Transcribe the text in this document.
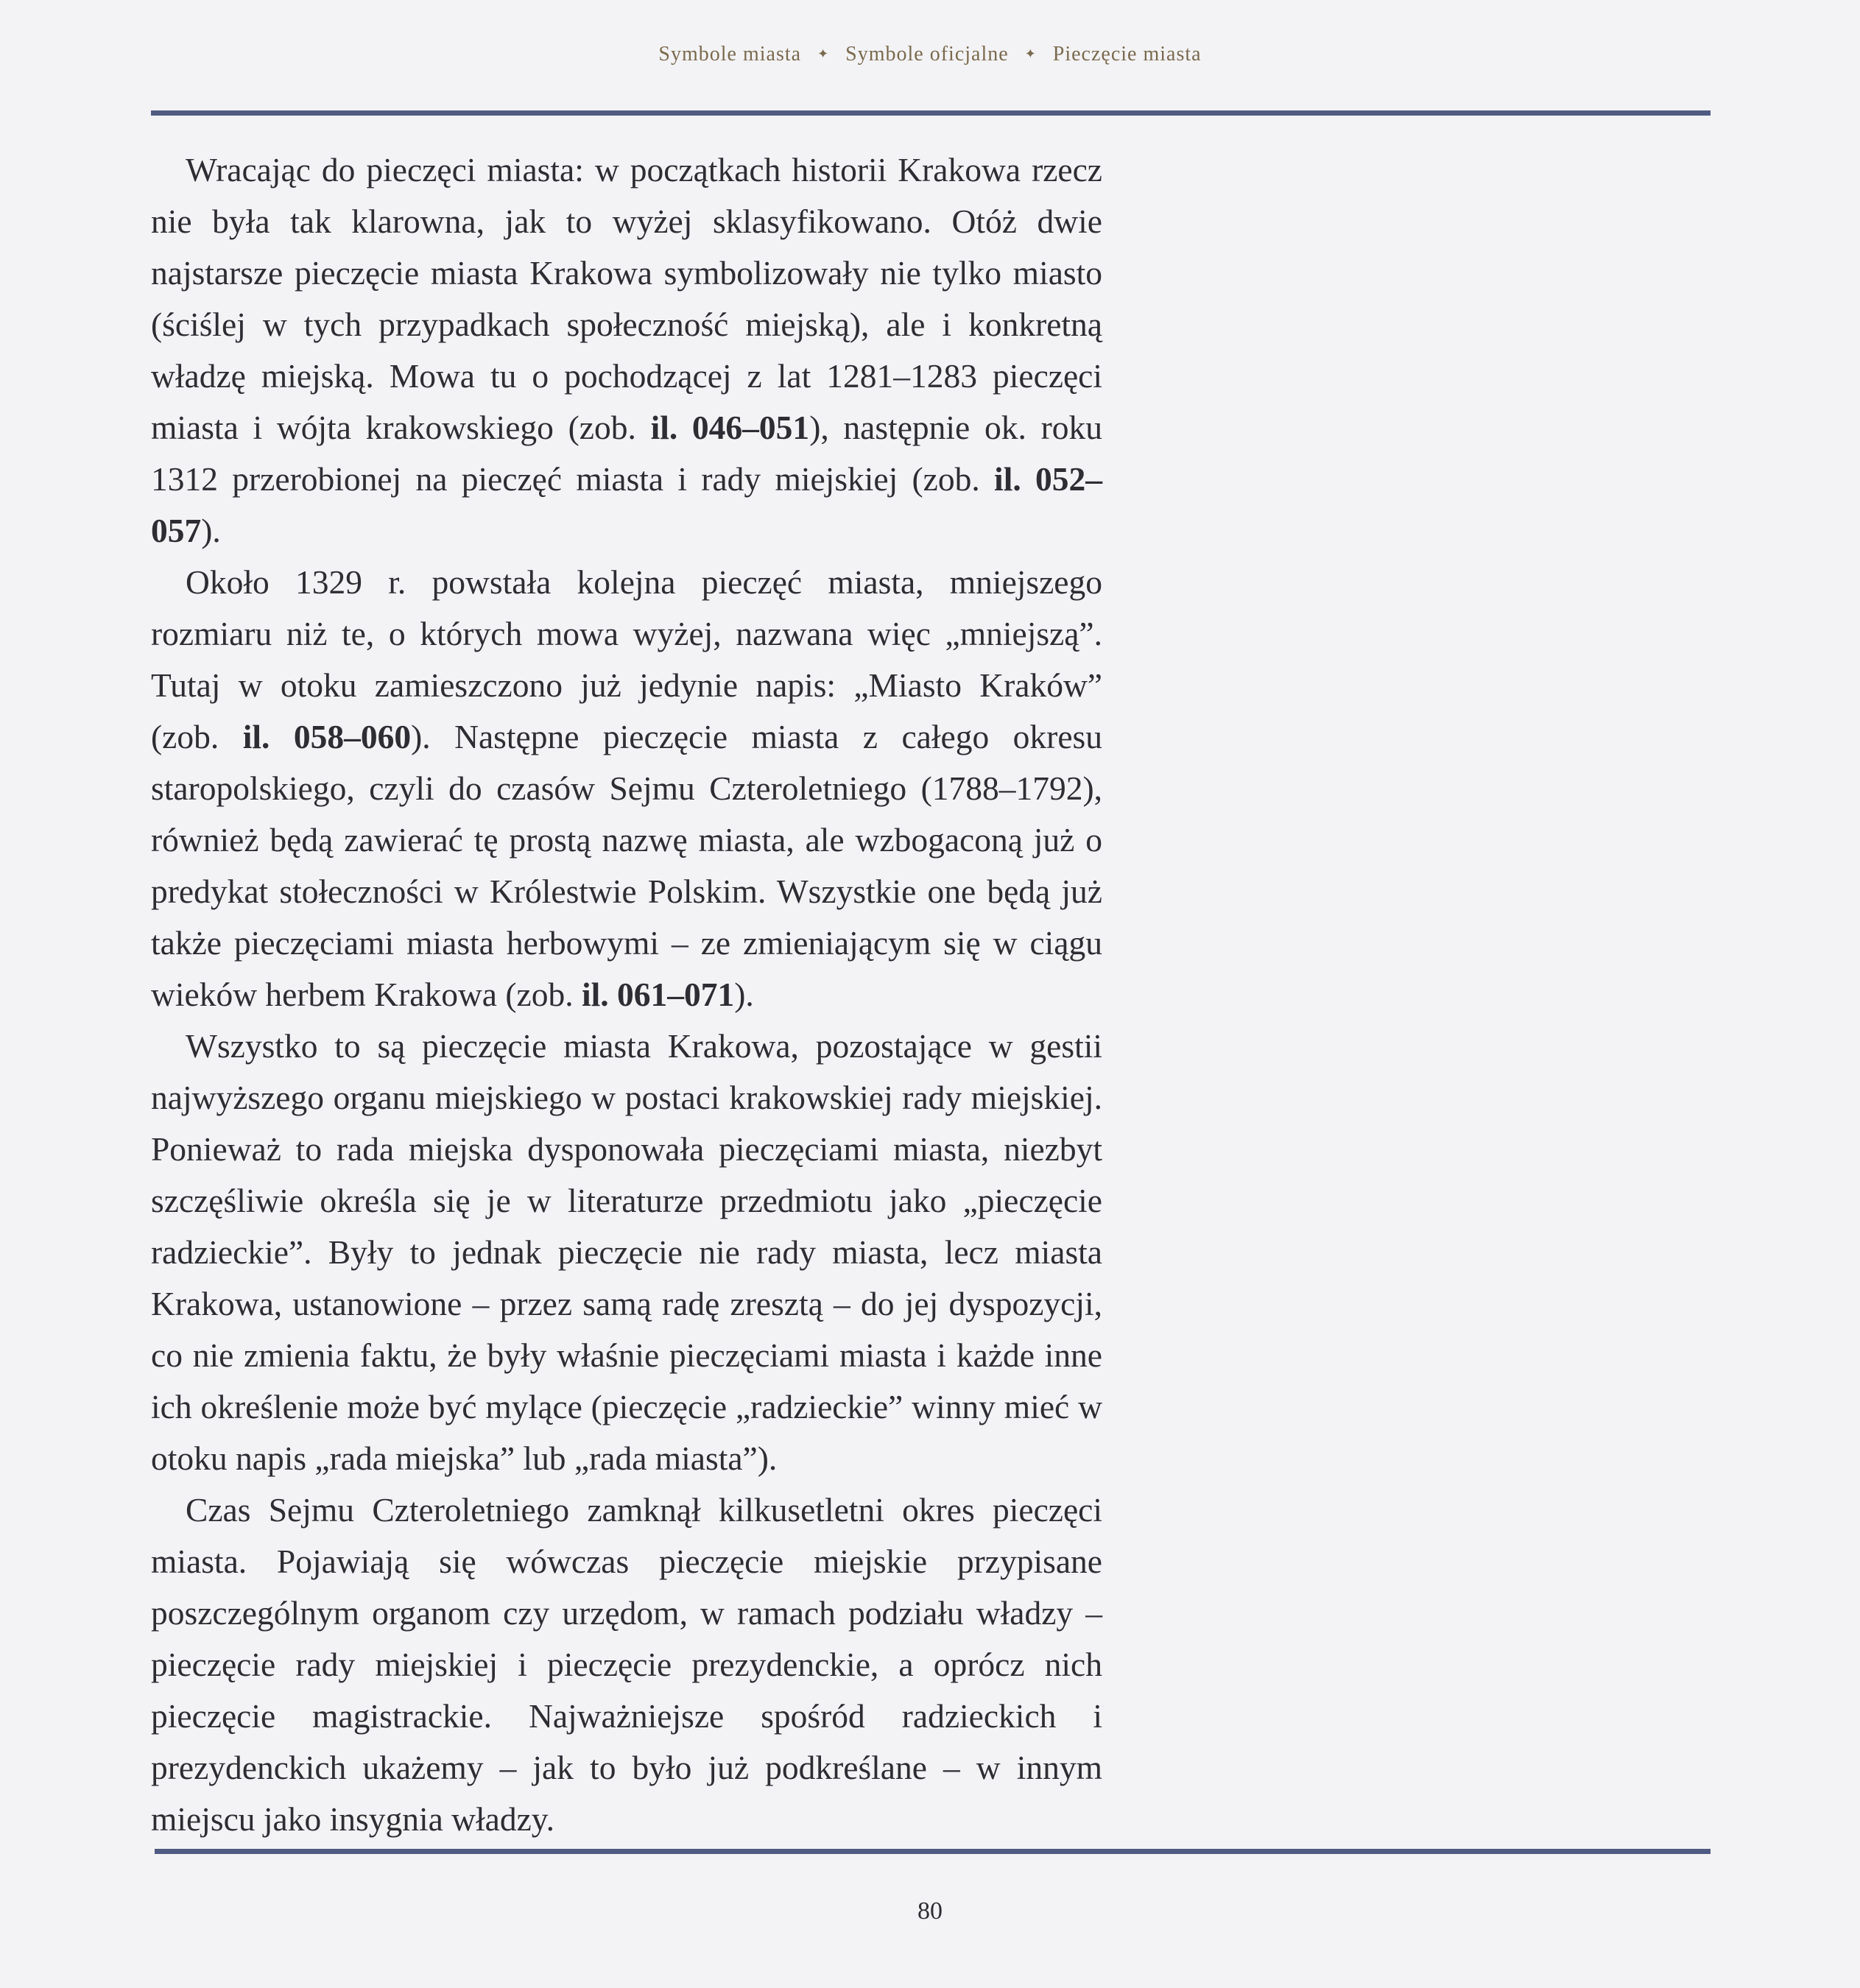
Symbole miasta ✦ Symbole oficjalne ✦ Pieczęcie miasta

Wracając do pieczęci miasta: w początkach historii Krakowa rzecz nie była tak klarowna, jak to wyżej sklasyfikowano. Otóż dwie najstarsze pieczęcie miasta Krakowa symbolizowały nie tylko miasto (ściślej w tych przypadkach społeczność miejską), ale i konkretną władzę miejską. Mowa tu o pochodzącej z lat 1281–1283 pieczęci miasta i wójta krakowskiego (zob. il. 046–051), następnie ok. roku 1312 przerobionej na pieczęć miasta i rady miejskiej (zob. il. 052–057).

Około 1329 r. powstała kolejna pieczęć miasta, mniejszego rozmiaru niż te, o których mowa wyżej, nazwana więc „mniejszą”. Tutaj w otoku zamieszczono już jedynie napis: „Miasto Kraków” (zob. il. 058–060). Następne pieczęcie miasta z całego okresu staropolskiego, czyli do czasów Sejmu Czteroletniego (1788–1792), również będą zawierać tę prostą nazwę miasta, ale wzbogaconą już o predykat stołeczności w Królestwie Polskim. Wszystkie one będą już także pieczęciami miasta herbowymi – ze zmieniającym się w ciągu wieków herbem Krakowa (zob. il. 061–071).

Wszystko to są pieczęcie miasta Krakowa, pozostające w gestii najwyższego organu miejskiego w postaci krakowskiej rady miejskiej. Ponieważ to rada miejska dysponowała pieczęciami miasta, niezbyt szczęśliwie określa się je w literaturze przedmiotu jako „pieczęcie radzieckie”. Były to jednak pieczęcie nie rady miasta, lecz miasta Krakowa, ustanowione – przez samą radę zresztą – do jej dyspozycji, co nie zmienia faktu, że były właśnie pieczęciami miasta i każde inne ich określenie może być mylące (pieczęcie „radzieckie” winny mieć w otoku napis „rada miejska” lub „rada miasta”).

Czas Sejmu Czteroletniego zamknął kilkusetletni okres pieczęci miasta. Pojawiają się wówczas pieczęcie miejskie przypisane poszczególnym organom czy urzędom, w ramach podziału władzy – pieczęcie rady miejskiej i pieczęcie prezydenckie, a oprócz nich pieczęcie magistrackie. Najważniejsze spośród radzieckich i prezydenckich ukażemy – jak to było już podkreślane – w innym miejscu jako insygnia władzy.

80
